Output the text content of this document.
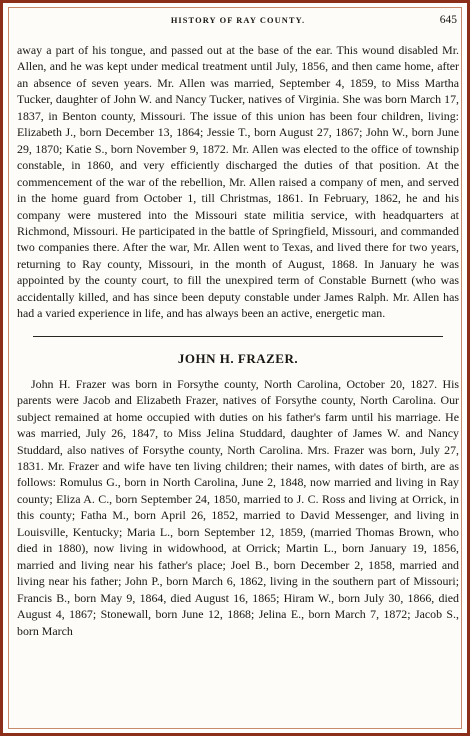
HISTORY OF RAY COUNTY.	645

away a part of his tongue, and passed out at the base of the ear. This wound disabled Mr. Allen, and he was kept under medical treatment until July, 1856, and then came home, after an absence of seven years. Mr. Allen was married, September 4, 1859, to Miss Martha Tucker, daughter of John W. and Nancy Tucker, natives of Virginia. She was born March 17, 1837, in Benton county, Missouri. The issue of this union has been four children, living: Elizabeth J., born December 13, 1864; Jessie T., born August 27, 1867; John W., born June 29, 1870; Katie S., born November 9, 1872. Mr. Allen was elected to the office of township constable, in 1860, and very efficiently discharged the duties of that position. At the commencement of the war of the rebellion, Mr. Allen raised a company of men, and served in the home guard from October 1, till Christmas, 1861. In February, 1862, he and his company were mustered into the Missouri state militia service, with headquarters at Richmond, Missouri. He participated in the battle of Springfield, Missouri, and commanded two companies there. After the war, Mr. Allen went to Texas, and lived there for two years, returning to Ray county, Missouri, in the month of August, 1868. In January he was appointed by the county court, to fill the unexpired term of Constable Burnett (who was accidentally killed, and has since been deputy constable under James Ralph. Mr. Allen has had a varied experience in life, and has always been an active, energetic man.

JOHN H. FRAZER.

John H. Frazer was born in Forsythe county, North Carolina, October 20, 1827. His parents were Jacob and Elizabeth Frazer, natives of Forsythe county, North Carolina. Our subject remained at home occupied with duties on his father's farm until his marriage. He was married, July 26, 1847, to Miss Jelina Studdard, daughter of James W. and Nancy Studdard, also natives of Forsythe county, North Carolina. Mrs. Frazer was born, July 27, 1831. Mr. Frazer and wife have ten living children; their names, with dates of birth, are as follows: Romulus G., born in North Carolina, June 2, 1848, now married and living in Ray county; Eliza A. C., born September 24, 1850, married to J. C. Ross and living at Orrick, in this county; Fatha M., born April 26, 1852, married to David Messenger, and living in Louisville, Kentucky; Maria L., born September 12, 1859, (married Thomas Brown, who died in 1880), now living in widowhood, at Orrick; Martin L., born January 19, 1856, married and living near his father's place; Joel B., born December 2, 1858, married and living near his father; John P., born March 6, 1862, living in the southern part of Missouri; Francis B., born May 9, 1864, died August 16, 1865; Hiram W., born July 30, 1866, died August 4, 1867; Stonewall, born June 12, 1868; Jelina E., born March 7, 1872; Jacob S., born March
